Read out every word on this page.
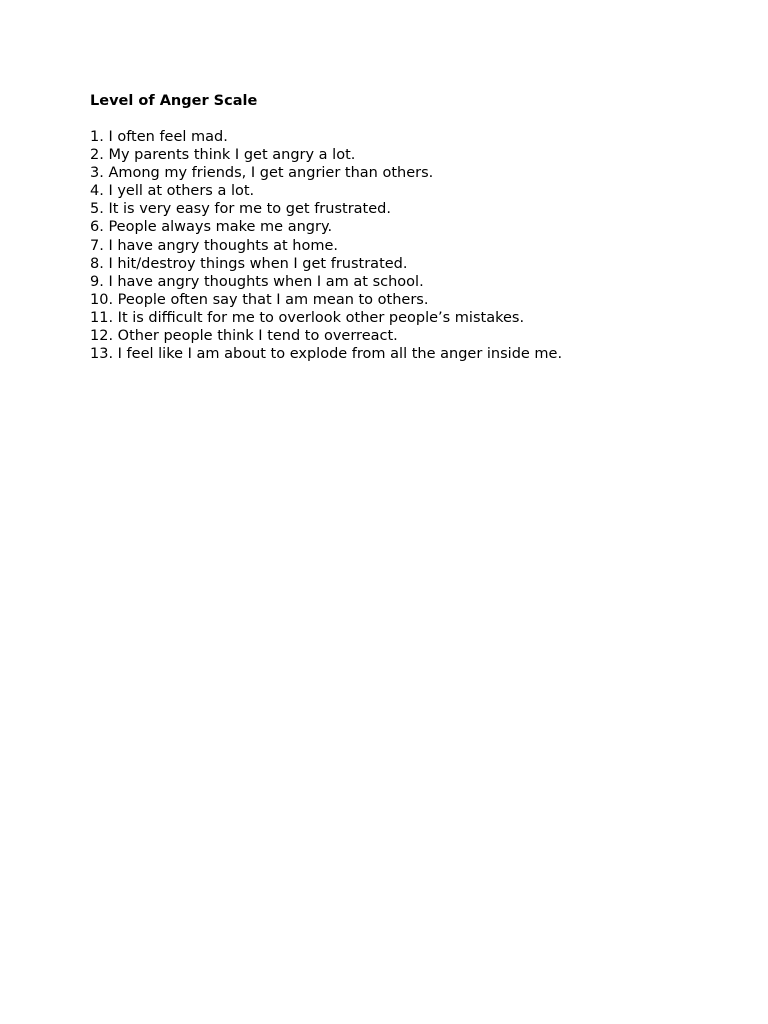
Level of Anger Scale
1. I often feel mad.
2. My parents think I get angry a lot.
3. Among my friends, I get angrier than others.
4. I yell at others a lot.
5. It is very easy for me to get frustrated.
6. People always make me angry.
7. I have angry thoughts at home.
8. I hit/destroy things when I get frustrated.
9. I have angry thoughts when I am at school.
10. People often say that I am mean to others.
11. It is difficult for me to overlook other people’s mistakes.
12. Other people think I tend to overreact.
13. I feel like I am about to explode from all the anger inside me.
